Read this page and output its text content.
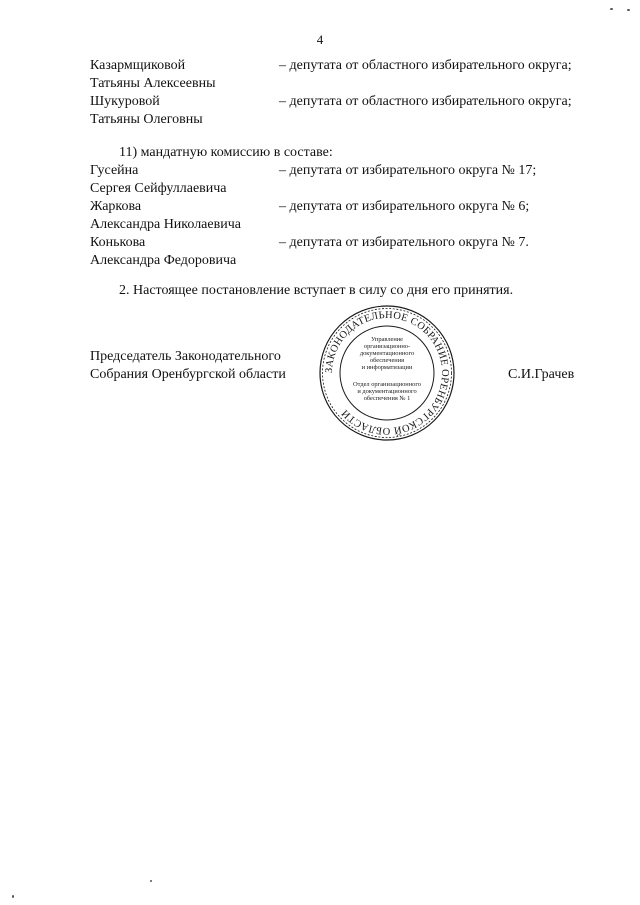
4
Казармщиковой	– депутата от областного избирательного округа;
Татьяны Алексеевны
Шукуровой	– депутата от областного избирательного округа;
Татьяны Олеговны
11) мандатную комиссию в составе:
Гусейна	– депутата от избирательного округа № 17;
Сергея Сейфуллаевича
Жаркова	– депутата от избирательного округа № 6;
Александра Николаевича
Конькова	– депутата от избирательного округа № 7.
Александра Федоровича
2. Настоящее постановление вступает в силу со дня его принятия.
Председатель Законодательного
Собрания Оренбургской области	С.И.Грачев
ЗАКОНОДАТЕЛЬНОЕ СОБРАНИЕ ОРЕНБУРГСКОЙ ОБЛАСТИ
Управление
организационно-
документационного
обеспечения
и информатизации
Отдел организационного
и документационного
обеспечения № 1
